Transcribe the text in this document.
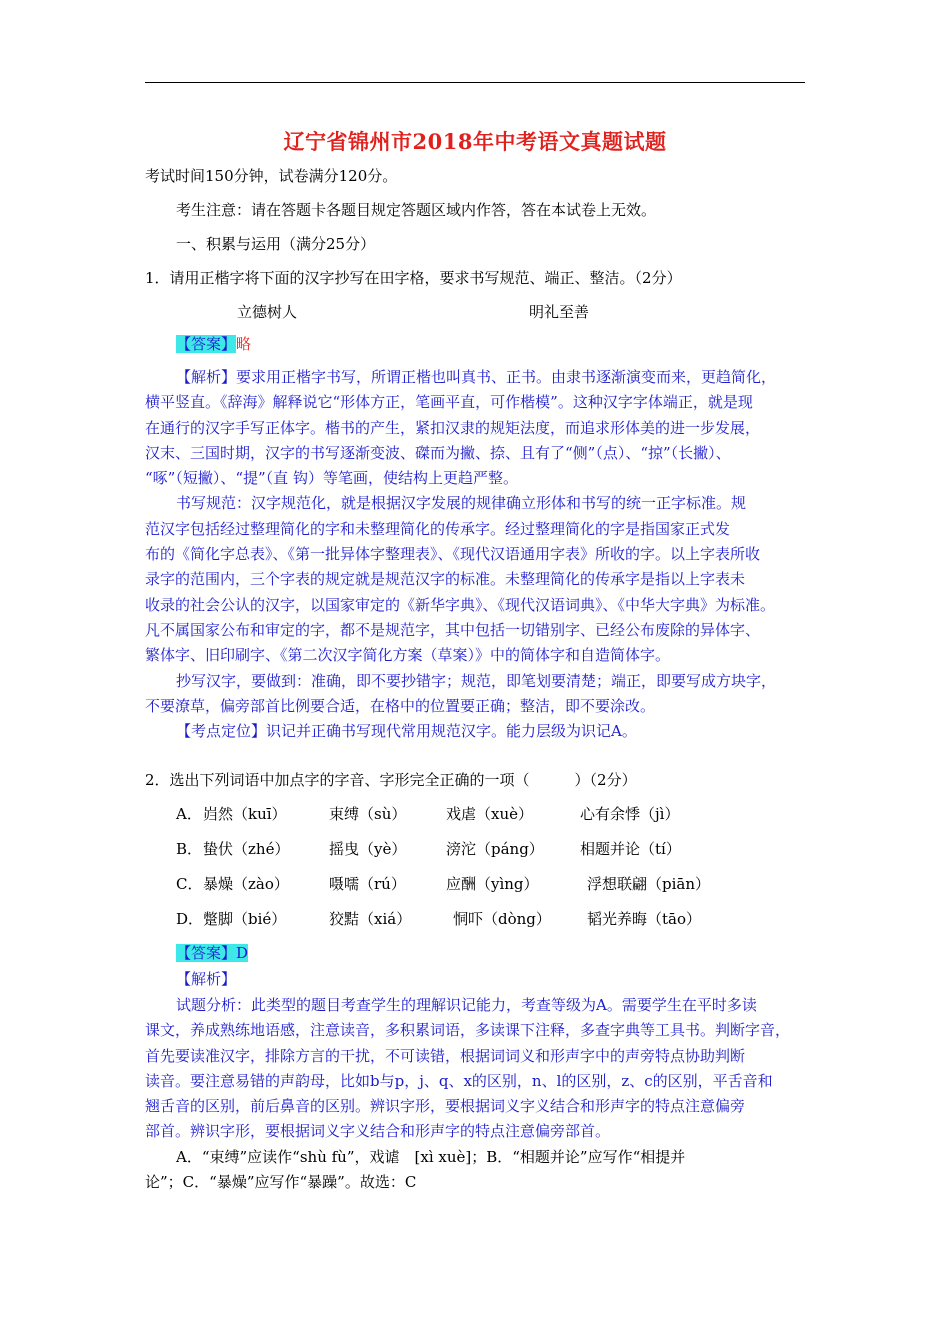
辽宁省锦州市2018年中考语文真题试题
考试时间150分钟，试卷满分120分。
考生注意：请在答题卡各题目规定答题区域内作答，答在本试卷上无效。
一、积累与运用（满分25分）
1．请用正楷字将下面的汉字抄写在田字格，要求书写规范、端正、整洁。（2分）
立德树人	明礼至善
【答案】略
【解析】要求用正楷字书写，所谓正楷也叫真书、正书。由隶书逐渐演变而来，更趋简化，
横平竖直。《辞海》解释说它“形体方正，笔画平直，可作楷模”。这种汉字字体端正，就是现
在通行的汉字手写正体字。楷书的产生，紧扣汉隶的规矩法度，而追求形体美的进一步发展，
汉末、三国时期，汉字的书写逐渐变波、磔而为撇、捺、且有了“侧”（点）、“掠”（长撇）、
“啄”（短撇）、“提”（直 钩）等笔画，使结构上更趋严整。
书写规范：汉字规范化，就是根据汉字发展的规律确立形体和书写的统一正字标准。规
范汉字包括经过整理简化的字和未整理简化的传承字。经过整理简化的字是指国家正式发
布的《简化字总表》、《第一批异体字整理表》、《现代汉语通用字表》所收的字。以上字表所收
录字的范围内，三个字表的规定就是规范汉字的标准。未整理简化的传承字是指以上字表未
收录的社会公认的汉字，以国家审定的《新华字典》、《现代汉语词典》、《中华大字典》为标准。
凡不属国家公布和审定的字，都不是规范字，其中包括一切错别字、已经公布废除的异体字、
繁体字、旧印刷字、《第二次汉字简化方案（草案）》中的简体字和自造简体字。
抄写汉字，要做到：准确，即不要抄错字；规范，即笔划要清楚；端正，即要写成方块字，
不要潦草，偏旁部首比例要合适，在格中的位置要正确；整洁，即不要涂改。
【考点定位】识记并正确书写现代常用规范汉字。能力层级为识记A。
2．选出下列词语中加点字的字音、字形完全正确的一项（　　　）（2分）
A． 岿然（kuī）	束缚（sù）	戏虐（xuè）	心有余悸（jì）
B． 蛰伏（zhé）	摇曳（yè）	滂沱（páng） 相题并论（tí）
C． 暴燥（zào）	嗫嚅（rú）	应酬（yìng）	浮想联翩（piān）
D． 蹩脚（bié）	狡黠（xiá）	恫吓（dòng） 韬光养晦（tāo）
【答案】D
【解析】
试题分析：此类型的题目考查学生的理解识记能力，考查等级为A。需要学生在平时多读
课文，养成熟练地语感，注意读音，多积累词语，多读课下注释，多查字典等工具书。判断字音，
首先要读准汉字，排除方言的干扰，不可读错，根据词词义和形声字中的声旁特点协助判断
读音。要注意易错的声韵母，比如b与p，j、q、x的区别，n、l的区别，z、c的区别，平舌音和
翘舌音的区别，前后鼻音的区别。辨识字形，要根据词义字义结合和形声字的特点注意偏旁
部首。辨识字形，要根据词义字义结合和形声字的特点注意偏旁部首。
A．“束缚”应读作“shù fù”，戏谑　[xì xuè]；B．“相题并论”应写作“相提并
论”；C．“暴燥”应写作“暴躁”。故选：C
